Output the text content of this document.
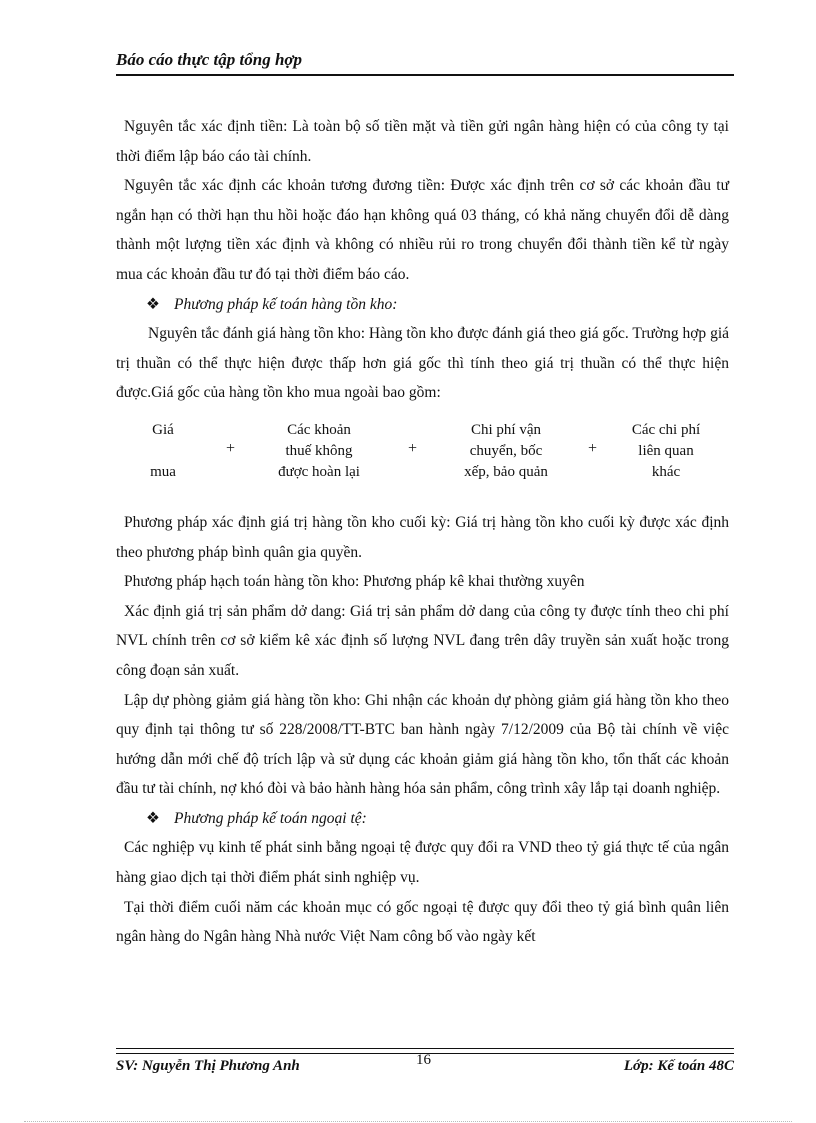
Báo cáo thực tập tổng hợp

Nguyên tắc xác định tiền: Là toàn bộ số tiền mặt và tiền gửi ngân hàng hiện có của công ty tại thời điểm lập báo cáo tài chính.

Nguyên tắc xác định các khoản tương đương tiền: Được xác định trên cơ sở các khoản đầu tư ngắn hạn có thời hạn thu hồi hoặc đáo hạn không quá 03 tháng, có khả năng chuyển đổi dễ dàng thành một lượng tiền xác định và không có nhiều rủi ro trong chuyển đổi thành tiền kể từ ngày mua các khoản đầu tư đó tại thời điểm báo cáo.

❖ Phương pháp kế toán hàng tồn kho:

Nguyên tắc đánh giá hàng tồn kho: Hàng tồn kho được đánh giá theo giá gốc. Trường hợp giá trị thuần có thể thực hiện được thấp hơn giá gốc thì tính theo giá trị thuần có thể thực hiện được.Giá gốc của hàng tồn kho mua ngoài bao gồm:

Giá
mua
+
Các khoản
thuế không
được hoàn lại
+
Chi phí vận
chuyển, bốc
xếp, bảo quản
+
Các chi phí
liên quan
khác

Phương pháp xác định giá trị hàng tồn kho cuối kỳ: Giá trị hàng tồn kho cuối kỳ được xác định theo phương pháp bình quân gia quyền.

Phương pháp hạch toán hàng tồn kho: Phương pháp kê khai thường xuyên

Xác định giá trị sản phẩm dở dang: Giá trị sản phẩm dở dang của công ty được tính theo chi phí NVL chính trên cơ sở kiểm kê xác định số lượng NVL đang trên dây truyền sản xuất hoặc trong công đoạn sản xuất.

Lập dự phòng giảm giá hàng tồn kho: Ghi nhận các khoản dự phòng giảm giá hàng tồn kho theo quy định tại thông tư số 228/2008/TT-BTC ban hành ngày 7/12/2009 của Bộ tài chính về việc hướng dẫn mới chế độ trích lập và sử dụng các khoản giảm giá hàng tồn kho, tổn thất các khoản đầu tư tài chính, nợ khó đòi và bảo hành hàng hóa sản phẩm, công trình xây lắp tại doanh nghiệp.

❖ Phương pháp kế toán ngoại tệ:

Các nghiệp vụ kinh tế phát sinh bằng ngoại tệ được quy đổi ra VND theo tỷ giá thực tế của ngân hàng giao dịch tại thời điểm phát sinh nghiệp vụ.

Tại thời điểm cuối năm các khoản mục có gốc ngoại tệ được quy đổi theo tỷ giá bình quân liên ngân hàng do Ngân hàng Nhà nước Việt Nam công bố vào ngày kết

SV: Nguyễn Thị Phương Anh	16	Lớp: Kế toán 48C
